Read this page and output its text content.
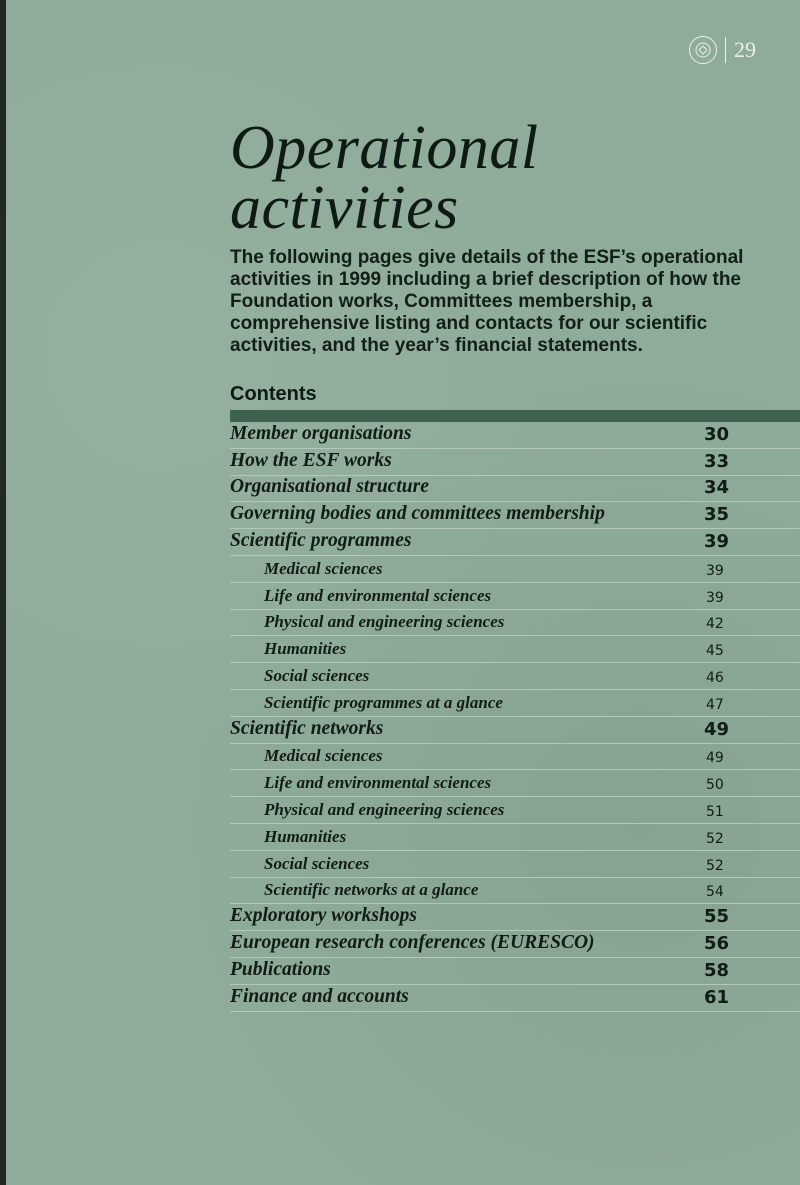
29
Operational
activities

The following pages give details of the ESF’s operational activities in 1999 including a brief description of how the Foundation works, Committees membership, a comprehensive listing and contacts for our scientific activities, and the year’s financial statements.

Contents
Member organisations	30
How the ESF works	33
Organisational structure	34
Governing bodies and committees membership	35
Scientific programmes	39
Medical sciences	39
Life and environmental sciences	39
Physical and engineering sciences	42
Humanities	45
Social sciences	46
Scientific programmes at a glance	47
Scientific networks	49
Medical sciences	49
Life and environmental sciences	50
Physical and engineering sciences	51
Humanities	52
Social sciences	52
Scientific networks at a glance	54
Exploratory workshops	55
European research conferences (EURESCO)	56
Publications	58
Finance and accounts	61
